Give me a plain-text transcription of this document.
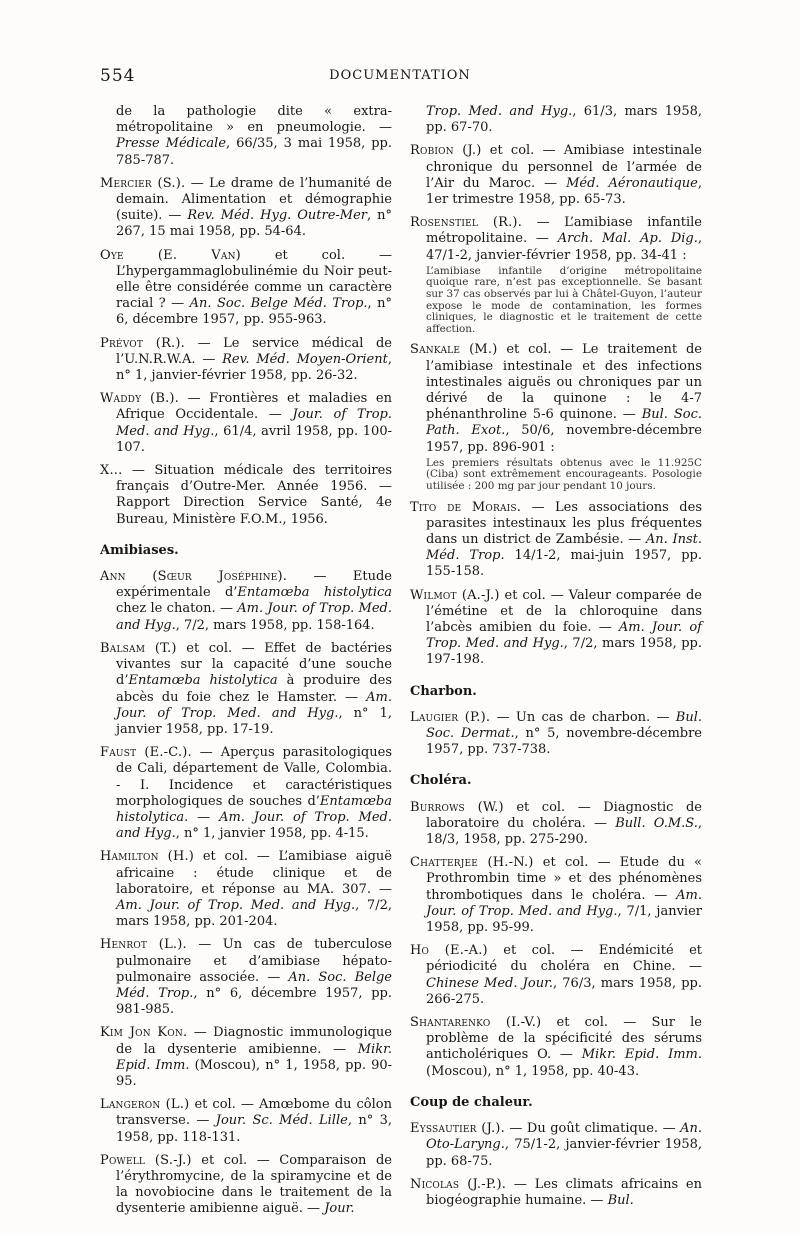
554	DOCUMENTATION

de la pathologie dite « extra-métropolitaine » en pneumologie. — Presse Médicale, 66/35, 3 mai 1958, pp. 785-787.

Mercier (S.). — Le drame de l’humanité de demain. Alimentation et démographie (suite). — Rev. Méd. Hyg. Outre-Mer, n° 267, 15 mai 1958, pp. 54-64.

Oye (E. Van) et col. — L’hypergammaglobulinémie du Noir peut-elle être considérée comme un caractère racial ? — An. Soc. Belge Méd. Trop., n° 6, décembre 1957, pp. 955-963.

Prévot (R.). — Le service médical de l’U.N.R.W.A. — Rev. Méd. Moyen-Orient, n° 1, janvier-février 1958, pp. 26-32.

Waddy (B.). — Frontières et maladies en Afrique Occidentale. — Jour. of Trop. Med. and Hyg., 61/4, avril 1958, pp. 100-107.

X... — Situation médicale des territoires français d’Outre-Mer. Année 1956. — Rapport Direction Service Santé, 4e Bureau, Ministère F.O.M., 1956.

Amibiases.

Ann (Sœur Joséphine). — Etude expérimentale d’Entamœba histolytica chez le chaton. — Am. Jour. of Trop. Med. and Hyg., 7/2, mars 1958, pp. 158-164.

Balsam (T.) et col. — Effet de bactéries vivantes sur la capacité d’une souche d’Entamœba histolytica à produire des abcès du foie chez le Hamster. — Am. Jour. of Trop. Med. and Hyg., n° 1, janvier 1958, pp. 17-19.

Faust (E.-C.). — Aperçus parasitologiques de Cali, département de Valle, Colombia. - I. Incidence et caractéristiques morphologiques de souches d’Entamœba histolytica. — Am. Jour. of Trop. Med. and Hyg., n° 1, janvier 1958, pp. 4-15.

Hamilton (H.) et col. — L’amibiase aiguë africaine : étude clinique et de laboratoire, et réponse au MA. 307. — Am. Jour. of Trop. Med. and Hyg., 7/2, mars 1958, pp. 201-204.

Henrot (L.). — Un cas de tuberculose pulmonaire et d’amibiase hépato-pulmonaire associée. — An. Soc. Belge Méd. Trop., n° 6, décembre 1957, pp. 981-985.

Kim Jon Kon. — Diagnostic immunologique de la dysenterie amibienne. — Mikr. Epid. Imm. (Moscou), n° 1, 1958, pp. 90-95.

Langeron (L.) et col. — Amœbome du côlon transverse. — Jour. Sc. Méd. Lille, n° 3, 1958, pp. 118-131.

Powell (S.-J.) et col. — Comparaison de l’érythromycine, de la spiramycine et de la novobiocine dans le traitement de la dysenterie amibienne aiguë. — Jour.

Trop. Med. and Hyg., 61/3, mars 1958, pp. 67-70.

Robion (J.) et col. — Amibiase intestinale chronique du personnel de l’armée de l’Air du Maroc. — Méd. Aéronautique, 1er trimestre 1958, pp. 65-73.

Rosenstiel (R.). — L’amibiase infantile métropolitaine. — Arch. Mal. Ap. Dig., 47/1-2, janvier-février 1958, pp. 34-41 :
L’amibiase infantile d’origine métropolitaine quoique rare, n’est pas exceptionnelle. Se basant sur 37 cas observés par lui à Châtel-Guyon, l’auteur expose le mode de contamination, les formes cliniques, le diagnostic et le traitement de cette affection.
Sankale (M.) et col. — Le traitement de l’amibiase intestinale et des infections intestinales aiguës ou chroniques par un dérivé de la quinone : le 4-7 phénanthroline 5-6 quinone. — Bul. Soc. Path. Exot., 50/6, novembre-décembre 1957, pp. 896-901 :
Les premiers résultats obtenus avec le 11.925C (Ciba) sont extrêmement encourageants. Posologie utilisée : 200 mg par jour pendant 10 jours.

Tito de Morais. — Les associations des parasites intestinaux les plus fréquentes dans un district de Zambésie. — An. Inst. Méd. Trop. 14/1-2, mai-juin 1957, pp. 155-158.

Wilmot (A.-J.) et col. — Valeur comparée de l’émétine et de la chloroquine dans l’abcès amibien du foie. — Am. Jour. of Trop. Med. and Hyg., 7/2, mars 1958, pp. 197-198.

Charbon.

Laugier (P.). — Un cas de charbon. — Bul. Soc. Dermat., n° 5, novembre-décembre 1957, pp. 737-738.

Choléra.

Burrows (W.) et col. — Diagnostic de laboratoire du choléra. — Bull. O.M.S., 18/3, 1958, pp. 275-290.

Chatterjee (H.-N.) et col. — Etude du « Prothrombin time » et des phénomènes thrombotiques dans le choléra. — Am. Jour. of Trop. Med. and Hyg., 7/1, janvier 1958, pp. 95-99.

Ho (E.-A.) et col. — Endémicité et périodicité du choléra en Chine. — Chinese Med. Jour., 76/3, mars 1958, pp. 266-275.

Shantarenko (I.-V.) et col. — Sur le problème de la spécificité des sérums anticholériques O. — Mikr. Epid. Imm. (Moscou), n° 1, 1958, pp. 40-43.

Coup de chaleur.

Eyssautier (J.). — Du goût climatique. — An. Oto-Laryng., 75/1-2, janvier-février 1958, pp. 68-75.

Nicolas (J.-P.). — Les climats africains en biogéographie humaine. — Bul.
